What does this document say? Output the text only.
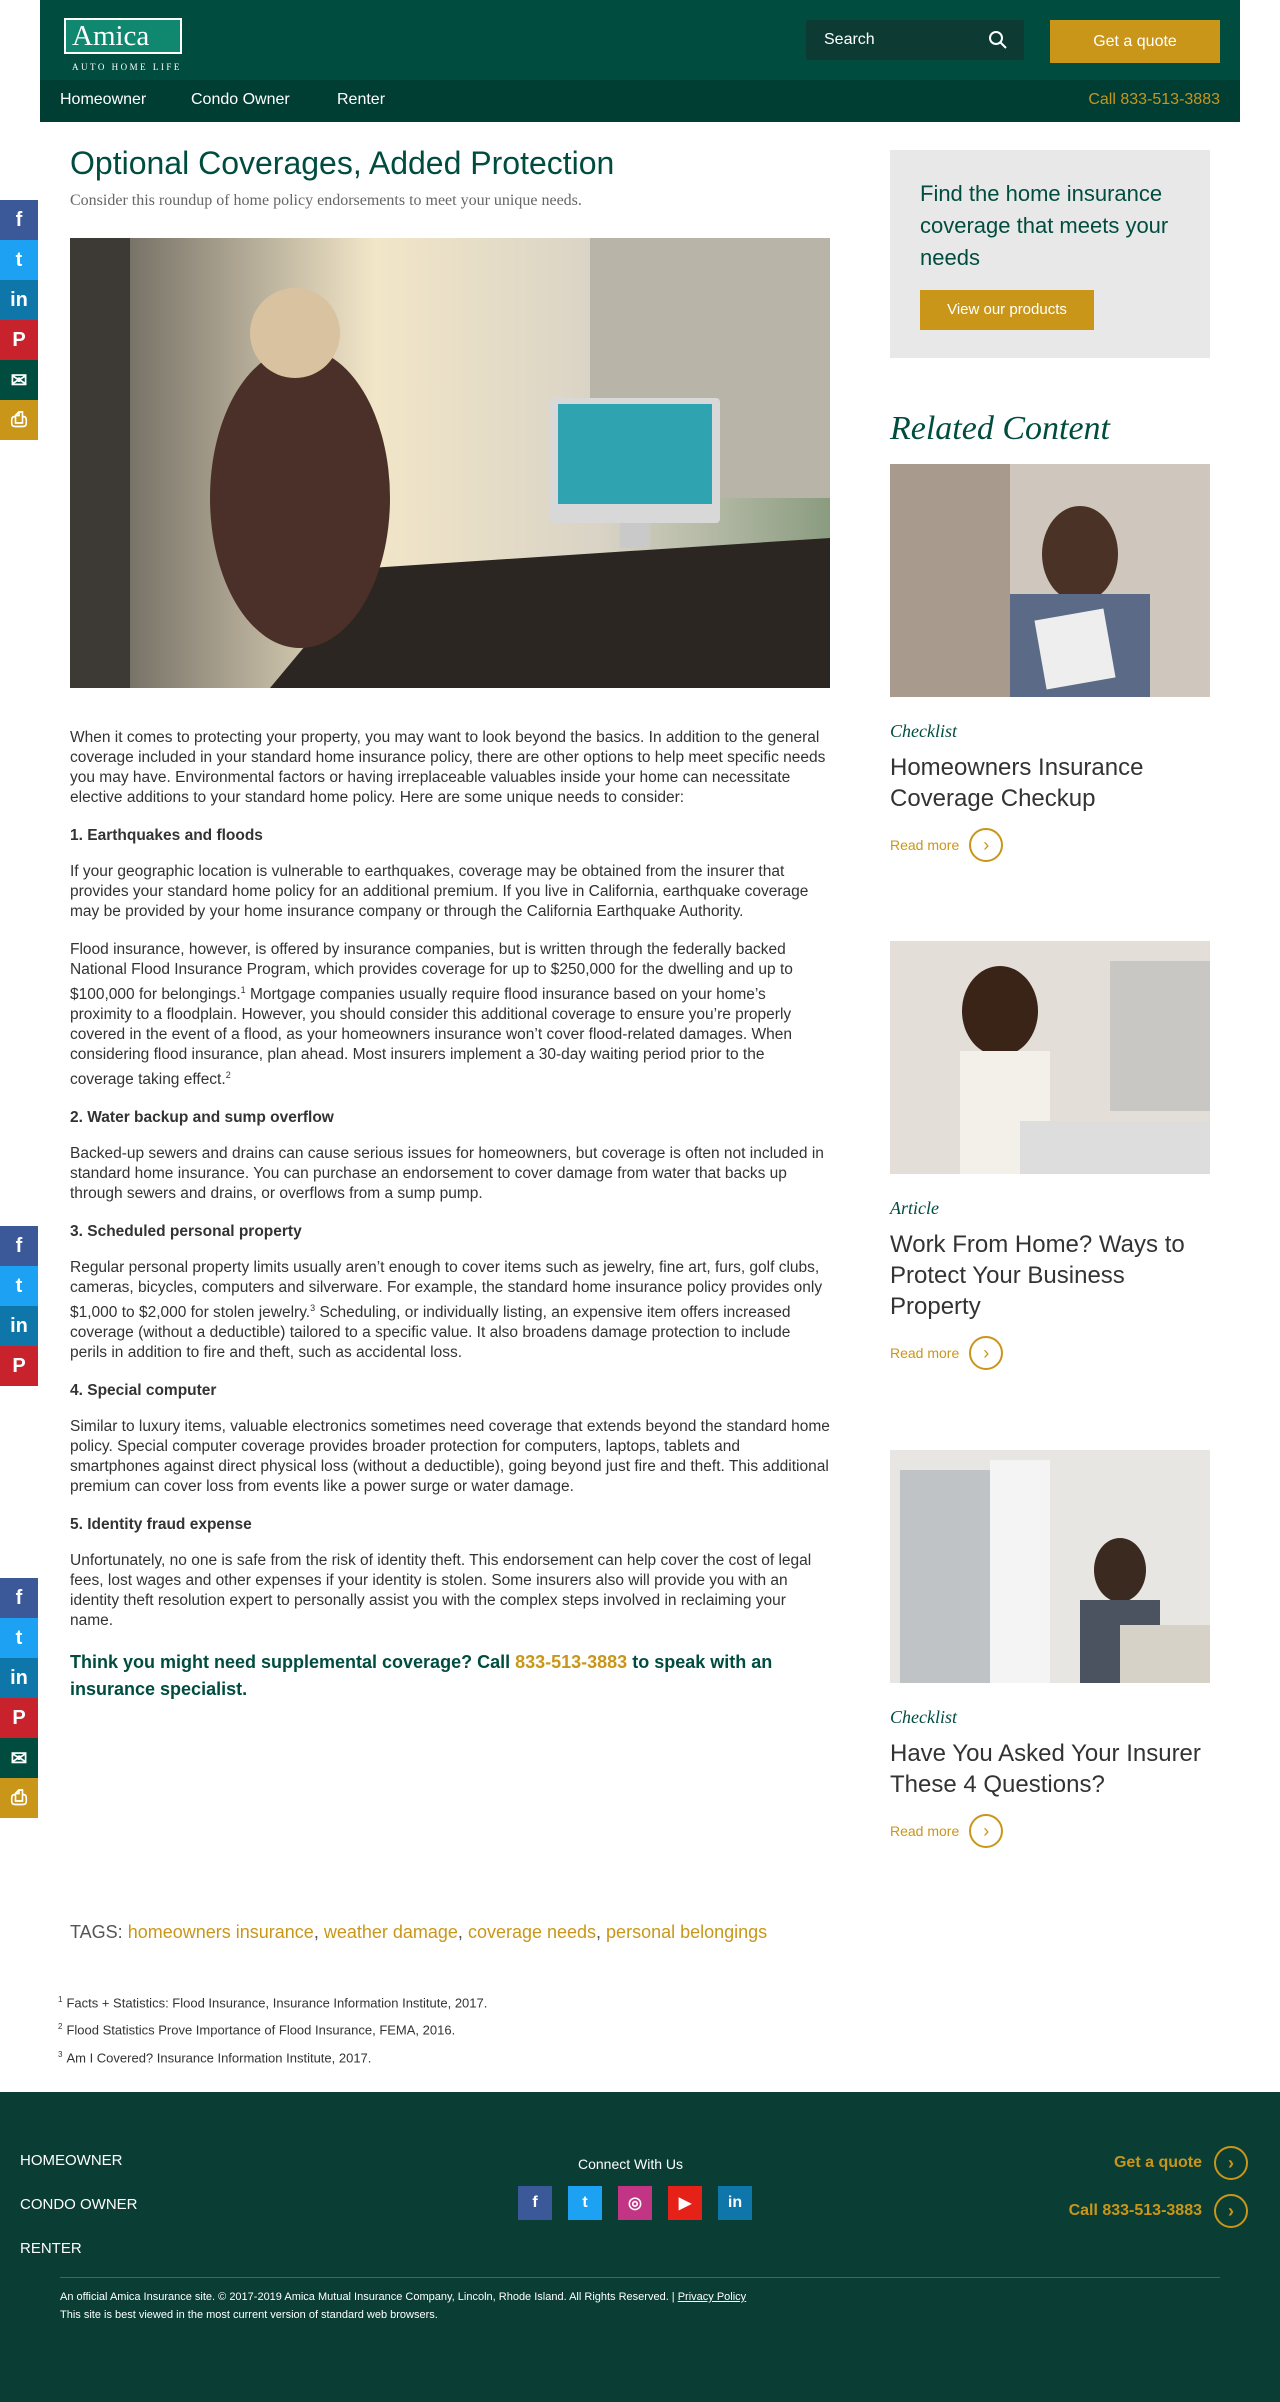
Amica
AUTO HOME LIFE
Search	Get a quote
Homeowner	Condo Owner	Renter	Call 833-513-3883
f
t
in
P
✉
⎙
f
t
in
P
f
t
in
P
✉
⎙
Optional Coverages, Added Protection
Consider this roundup of home policy endorsements to meet your unique needs.

When it comes to protecting your property, you may want to look beyond the basics. In addition to the general coverage included in your standard home insurance policy, there are other options to help meet specific needs you may have. Environmental factors or having irreplaceable valuables inside your home can necessitate elective additions to your standard home policy. Here are some unique needs to consider:

1. Earthquakes and floods

If your geographic location is vulnerable to earthquakes, coverage may be obtained from the insurer that provides your standard home policy for an additional premium. If you live in California, earthquake coverage may be provided by your home insurance company or through the California Earthquake Authority.

Flood insurance, however, is offered by insurance companies, but is written through the federally backed National Flood Insurance Program, which provides coverage for up to $250,000 for the dwelling and up to $100,000 for belongings.$^1$ Mortgage companies usually require flood insurance based on your home’s proximity to a floodplain. However, you should consider this additional coverage to ensure you’re properly covered in the event of a flood, as your homeowners insurance won’t cover flood-related damages. When considering flood insurance, plan ahead. Most insurers implement a 30-day waiting period prior to the coverage taking effect.$^2$

2. Water backup and sump overflow

Backed-up sewers and drains can cause serious issues for homeowners, but coverage is often not included in standard home insurance. You can purchase an endorsement to cover damage from water that backs up through sewers and drains, or overflows from a sump pump.

3. Scheduled personal property

Regular personal property limits usually aren’t enough to cover items such as jewelry, fine art, furs, golf clubs, cameras, bicycles, computers and silverware. For example, the standard home insurance policy provides only $1,000 to $2,000 for stolen jewelry.$^3$ Scheduling, or individually listing, an expensive item offers increased coverage (without a deductible) tailored to a specific value. It also broadens damage protection to include perils in addition to fire and theft, such as accidental loss.

4. Special computer

Similar to luxury items, valuable electronics sometimes need coverage that extends beyond the standard home policy. Special computer coverage provides broader protection for computers, laptops, tablets and smartphones against direct physical loss (without a deductible), going beyond just fire and theft. This additional premium can cover loss from events like a power surge or water damage.

5. Identity fraud expense

Unfortunately, no one is safe from the risk of identity theft. This endorsement can help cover the cost of legal fees, lost wages and other expenses if your identity is stolen. Some insurers also will provide you with an identity theft resolution expert to personally assist you with the complex steps involved in reclaiming your name.

Think you might need supplemental coverage? Call 833-513-3883 to speak with an insurance specialist.
TAGS: homeowners insurance, weather damage, coverage needs, personal belongings
$^1$ Facts + Statistics: Flood Insurance, Insurance Information Institute, 2017.
$^2$ Flood Statistics Prove Importance of Flood Insurance, FEMA, 2016.
$^3$ Am I Covered? Insurance Information Institute, 2017.
Find the home insurance coverage that meets your needs
View our products
Related Content
Checklist
Homeowners Insurance Coverage Checkup
Read more	›
Article
Work From Home? Ways to Protect Your Business Property
Read more	›
Checklist
Have You Asked Your Insurer These 4 Questions?
Read more	›
HOMEOWNER
CONDO OWNER
RENTER
Connect With Us
f	t	◎	▶	in
Get a quote	›
Call 833-513-3883	›
An official Amica Insurance site. © 2017-2019 Amica Mutual Insurance Company, Lincoln, Rhode Island. All Rights Reserved. | Privacy Policy
This site is best viewed in the most current version of standard web browsers.
